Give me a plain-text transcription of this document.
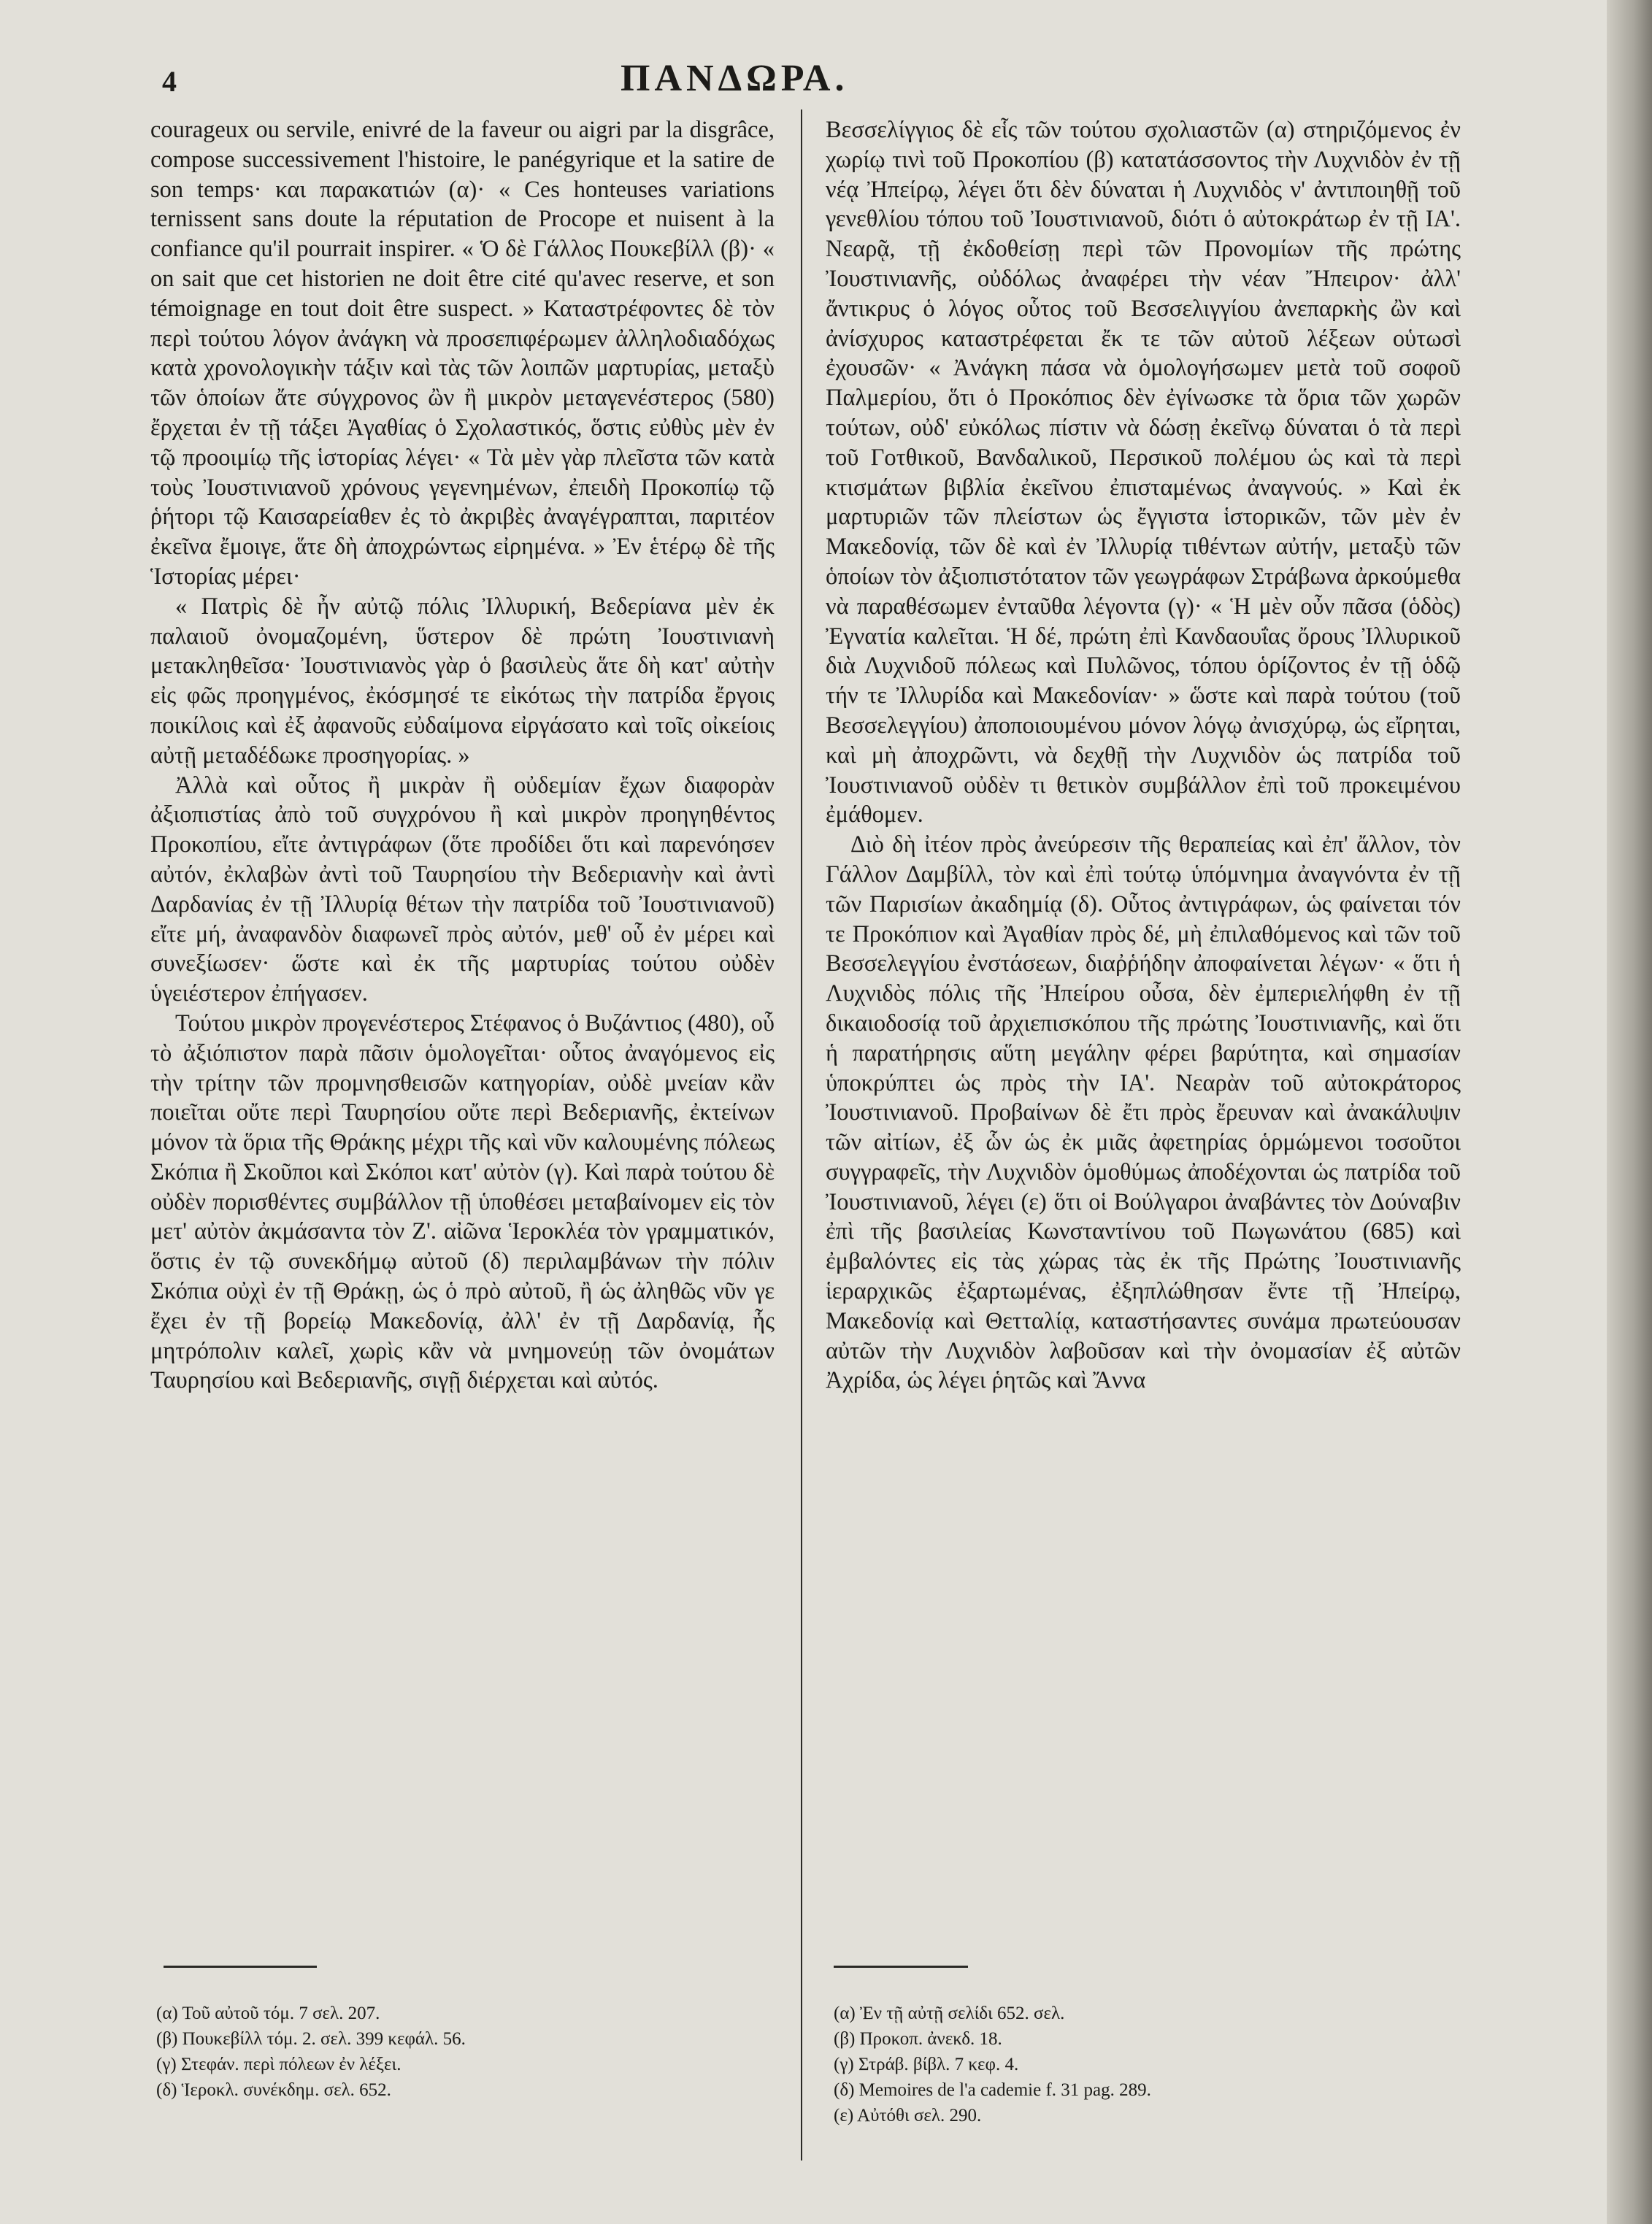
4	ΠΑΝΔΩΡΑ.

courageux ou servile, enivré de la faveur ou aigri par la disgrâce, compose successivement l'histoire, le panégyrique et la satire de son temps· και παρακατιών (α)· « Ces honteuses variations ternissent sans doute la réputation de Procope et nuisent à la confiance qu'il pourrait inspirer. « Ὁ δὲ Γάλλος Πουκεβίλλ (β)· « on sait que cet historien ne doit être cité qu'avec reserve, et son témoignage en tout doit être suspect. » Καταστρέφοντες δὲ τὸν περὶ τούτου λόγον ἀνάγκη νὰ προσεπιφέρωμεν ἀλληλοδιαδόχως κατὰ χρονολογικὴν τάξιν καὶ τὰς τῶν λοιπῶν μαρτυρίας, μεταξὺ τῶν ὁποίων ἄτε σύγχρονος ὢν ἢ μικρὸν μεταγενέστερος (580) ἔρχεται ἐν τῇ τάξει Ἀγαθίας ὁ Σχολαστικός, ὅστις εὐθὺς μὲν ἐν τῷ προοιμίῳ τῆς ἱστορίας λέγει· « Τὰ μὲν γὰρ πλεῖστα τῶν κατὰ τοὺς Ἰουστινιανοῦ χρόνους γεγενημένων, ἐπειδὴ Προκοπίῳ τῷ ῥήτορι τῷ Καισαρείαθεν ἐς τὸ ἀκριβὲς ἀναγέγραπται, παριτέον ἐκεῖνα ἔμοιγε, ἅτε δὴ ἀποχρώντως εἰρημένα. » Ἐν ἑτέρῳ δὲ τῆς Ἱστορίας μέρει·

« Πατρὶς δὲ ἦν αὐτῷ πόλις Ἰλλυρική, Βεδερίανα μὲν ἐκ παλαιοῦ ὀνομαζομένη, ὕστερον δὲ πρώτη Ἰουστινιανὴ μετακληθεῖσα· Ἰουστινιανὸς γὰρ ὁ βασιλεὺς ἅτε δὴ κατ' αὐτὴν εἰς φῶς προηγμένος, ἐκόσμησέ τε εἰκότως τὴν πατρίδα ἔργοις ποικίλοις καὶ ἐξ ἀφανοῦς εὐδαίμονα εἰργάσατο καὶ τοῖς οἰκείοις αὐτῇ μεταδέδωκε προσηγορίας. »

Ἀλλὰ καὶ οὗτος ἢ μικρὰν ἢ οὐδεμίαν ἔχων διαφορὰν ἀξιοπιστίας ἀπὸ τοῦ συγχρόνου ἢ καὶ μικρὸν προηγηθέντος Προκοπίου, εἴτε ἀντιγράφων (ὅτε προδίδει ὅτι καὶ παρενόησεν αὐτόν, ἐκλαβὼν ἀντὶ τοῦ Ταυρησίου τὴν Βεδεριανὴν καὶ ἀντὶ Δαρδανίας ἐν τῇ Ἰλλυρίᾳ θέτων τὴν πατρίδα τοῦ Ἰουστινιανοῦ) εἴτε μή, ἀναφανδὸν διαφωνεῖ πρὸς αὐτόν, μεθ' οὗ ἐν μέρει καὶ συνεξίωσεν· ὥστε καὶ ἐκ τῆς μαρτυρίας τούτου οὐδὲν ὑγειέστερον ἐπήγασεν.

Τούτου μικρὸν προγενέστερος Στέφανος ὁ Βυζάντιος (480), οὗ τὸ ἀξιόπιστον παρὰ πᾶσιν ὁμολογεῖται· οὗτος ἀναγόμενος εἰς τὴν τρίτην τῶν προμνησθεισῶν κατηγορίαν, οὐδὲ μνείαν κἂν ποιεῖται οὔτε περὶ Ταυρησίου οὔτε περὶ Βεδεριανῆς, ἐκτείνων μόνον τὰ ὅρια τῆς Θράκης μέχρι τῆς καὶ νῦν καλουμένης πόλεως Σκόπια ἢ Σκοῦποι καὶ Σκόποι κατ' αὐτὸν (γ). Καὶ παρὰ τούτου δὲ οὐδὲν πορισθέντες συμβάλλον τῇ ὑποθέσει μεταβαίνομεν εἰς τὸν μετ' αὐτὸν ἀκμάσαντα τὸν Ζ'. αἰῶνα Ἱεροκλέα τὸν γραμματικόν, ὅστις ἐν τῷ συνεκδήμῳ αὐτοῦ (δ) περιλαμβάνων τὴν πόλιν Σκόπια οὐχὶ ἐν τῇ Θράκῃ, ὡς ὁ πρὸ αὐτοῦ, ἢ ὡς ἀληθῶς νῦν γε ἔχει ἐν τῇ βορείῳ Μακεδονίᾳ, ἀλλ' ἐν τῇ Δαρδανίᾳ, ἧς μητρόπολιν καλεῖ, χωρὶς κἂν νὰ μνημονεύῃ τῶν ὀνομάτων Ταυρησίου καὶ Βεδεριανῆς, σιγῇ διέρχεται καὶ αὐτός.

Βεσσελίγγιος δὲ εἷς τῶν τούτου σχολιαστῶν (α) στηριζόμενος ἐν χωρίῳ τινὶ τοῦ Προκοπίου (β) κατατάσσοντος τὴν Λυχνιδὸν ἐν τῇ νέᾳ Ἠπείρῳ, λέγει ὅτι δὲν δύναται ἡ Λυχνιδὸς ν' ἀντιποιηθῇ τοῦ γενεθλίου τόπου τοῦ Ἰουστινιανοῦ, διότι ὁ αὐτοκράτωρ ἐν τῇ ΙΑ'. Νεαρᾷ, τῇ ἐκδοθείσῃ περὶ τῶν Προνομίων τῆς πρώτης Ἰουστινιανῆς, οὐδόλως ἀναφέρει τὴν νέαν Ἤπειρον· ἀλλ' ἄντικρυς ὁ λόγος οὗτος τοῦ Βεσσελιγγίου ἀνεπαρκὴς ὢν καὶ ἀνίσχυρος καταστρέφεται ἔκ τε τῶν αὐτοῦ λέξεων οὑτωσὶ ἐχουσῶν· « Ἀνάγκη πάσα νὰ ὁμολογήσωμεν μετὰ τοῦ σοφοῦ Παλμερίου, ὅτι ὁ Προκόπιος δὲν ἐγίνωσκε τὰ ὅρια τῶν χωρῶν τούτων, οὐδ' εὐκόλως πίστιν νὰ δώσῃ ἐκεῖνῳ δύναται ὁ τὰ περὶ τοῦ Γοτθικοῦ, Βανδαλικοῦ, Περσικοῦ πολέμου ὡς καὶ τὰ περὶ κτισμάτων βιβλία ἐκεῖνου ἐπισταμένως ἀναγνούς. » Καὶ ἐκ μαρτυριῶν τῶν πλείστων ὡς ἔγγιστα ἱστορικῶν, τῶν μὲν ἐν Μακεδονίᾳ, τῶν δὲ καὶ ἐν Ἰλλυρίᾳ τιθέντων αὐτήν, μεταξὺ τῶν ὁποίων τὸν ἀξιοπιστότατον τῶν γεωγράφων Στράβωνα ἀρκούμεθα νὰ παραθέσωμεν ἐνταῦθα λέγοντα (γ)· « Ἡ μὲν οὖν πᾶσα (ὁδὸς) Ἐγνατία καλεῖται. Ἡ δέ, πρώτη ἐπὶ Κανδαουΐας ὄρους Ἰλλυρικοῦ διὰ Λυχνιδοῦ πόλεως καὶ Πυλῶνος, τόπου ὁρίζοντος ἐν τῇ ὁδῷ τήν τε Ἰλλυρίδα καὶ Μακεδονίαν· » ὥστε καὶ παρὰ τούτου (τοῦ Βεσσελεγγίου) ἀποποιουμένου μόνον λόγῳ ἀνισχύρῳ, ὡς εἴρηται, καὶ μὴ ἀποχρῶντι, νὰ δεχθῇ τὴν Λυχνιδὸν ὡς πατρίδα τοῦ Ἰουστινιανοῦ οὐδὲν τι θετικὸν συμβάλλον ἐπὶ τοῦ προκειμένου ἐμάθομεν.

Διὸ δὴ ἰτέον πρὸς ἀνεύρεσιν τῆς θεραπείας καὶ ἐπ' ἄλλον, τὸν Γάλλον Δαμβίλλ, τὸν καὶ ἐπὶ τούτῳ ὑπόμνημα ἀναγνόντα ἐν τῇ τῶν Παρισίων ἀκαδημίᾳ (δ). Οὗτος ἀντιγράφων, ὡς φαίνεται τόν τε Προκόπιον καὶ Ἀγαθίαν πρὸς δέ, μὴ ἐπιλαθόμενος καὶ τῶν τοῦ Βεσσελεγγίου ἐνστάσεων, διαῤῥήδην ἀποφαίνεται λέγων· « ὅτι ἡ Λυχνιδὸς πόλις τῆς Ἠπείρου οὖσα, δὲν ἐμπεριελήφθη ἐν τῇ δικαιοδοσίᾳ τοῦ ἀρχιεπισκόπου τῆς πρώτης Ἰουστινιανῆς, καὶ ὅτι ἡ παρατήρησις αὕτη μεγάλην φέρει βαρύτητα, καὶ σημασίαν ὑποκρύπτει ὡς πρὸς τὴν ΙΑ'. Νεαρὰν τοῦ αὐτοκράτορος Ἰουστινιανοῦ. Προβαίνων δὲ ἔτι πρὸς ἔρευναν καὶ ἀνακάλυψιν τῶν αἰτίων, ἐξ ὧν ὡς ἐκ μιᾶς ἀφετηρίας ὁρμώμενοι τοσοῦτοι συγγραφεῖς, τὴν Λυχνιδὸν ὁμοθύμως ἀποδέχονται ὡς πατρίδα τοῦ Ἰουστινιανοῦ, λέγει (ε) ὅτι οἱ Βούλγαροι ἀναβάντες τὸν Δούναβιν ἐπὶ τῆς βασιλείας Κωνσταντίνου τοῦ Πωγωνάτου (685) καὶ ἐμβαλόντες εἰς τὰς χώρας τὰς ἐκ τῆς Πρώτης Ἰουστινιανῆς ἱεραρχικῶς ἐξαρτωμένας, ἐξηπλώθησαν ἔντε τῇ Ἠπείρῳ, Μακεδονίᾳ καὶ Θετταλίᾳ, καταστήσαντες συνάμα πρωτεύουσαν αὐτῶν τὴν Λυχνιδὸν λαβοῦσαν καὶ τὴν ὀνομασίαν ἐξ αὐτῶν Ἀχρίδα, ὡς λέγει ῥητῶς καὶ Ἄννα

(α) Τοῦ αὐτοῦ τόμ. 7 σελ. 207.
(β) Πουκεβίλλ τόμ. 2. σελ. 399 κεφάλ. 56.
(γ) Στεφάν. περὶ πόλεων ἐν λέξει.
(δ) Ἱεροκλ. συνέκδημ. σελ. 652.
(α) Ἐν τῇ αὐτῇ σελίδι 652. σελ.
(β) Προκοπ. ἀνεκδ. 18.
(γ) Στράβ. βίβλ. 7 κεφ. 4.
(δ) Memoires de l'a cademie f. 31 pag. 289.
(ε) Αὐτόθι σελ. 290.
